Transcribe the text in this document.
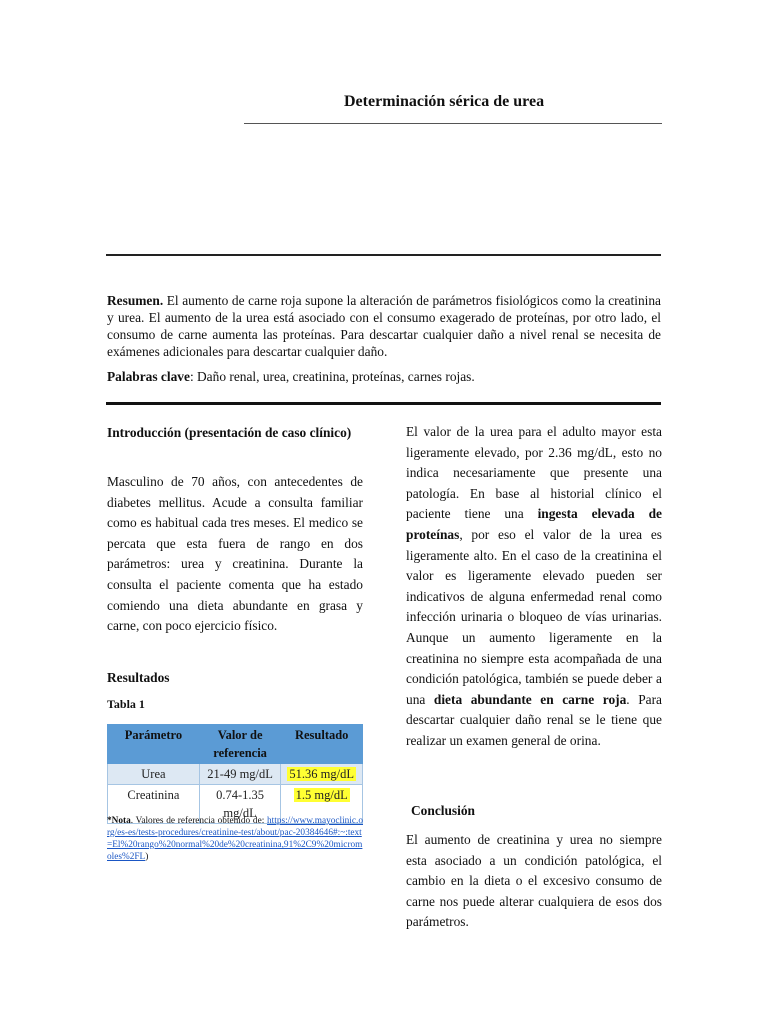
Determinación sérica de urea
Resumen. El aumento de carne roja supone la alteración de parámetros fisiológicos como la creatinina y urea. El aumento de la urea está asociado con el consumo exagerado de proteínas, por otro lado, el consumo de carne aumenta las proteínas. Para descartar cualquier daño a nivel renal se necesita de exámenes adicionales para descartar cualquier daño.
Palabras clave: Daño renal, urea, creatinina, proteínas, carnes rojas.
Introducción (presentación de caso clínico)
Masculino de 70 años, con antecedentes de diabetes mellitus. Acude a consulta familiar como es habitual cada tres meses. El medico se percata que esta fuera de rango en dos parámetros: urea y creatinina. Durante la consulta el paciente comenta que ha estado comiendo una dieta abundante en grasa y carne, con poco ejercicio físico.
Resultados
Tabla 1
Parámetro	Valor de referencia	Resultado
Urea	21-49 mg/dL	51.36 mg/dL
Creatinina	0.74-1.35 mg/dL	1.5 mg/dL
*Nota. Valores de referencia obtenido de: https://www.mayoclinic.org/es-es/tests-procedures/creatinine-test/about/pac-20384646#:~:text=El%20rango%20normal%20de%20creatinina,91%2C9%20micromoles%2FL)
El valor de la urea para el adulto mayor esta ligeramente elevado, por 2.36 mg/dL, esto no indica necesariamente que presente una patología. En base al historial clínico el paciente tiene una ingesta elevada de proteínas, por eso el valor de la urea es ligeramente alto. En el caso de la creatinina el valor es ligeramente elevado pueden ser indicativos de alguna enfermedad renal como infección urinaria o bloqueo de vías urinarias. Aunque un aumento ligeramente en la creatinina no siempre esta acompañada de una condición patológica, también se puede deber a una dieta abundante en carne roja. Para descartar cualquier daño renal se le tiene que realizar un examen general de orina.
Conclusión
El aumento de creatinina y urea no siempre esta asociado a un condición patológica, el cambio en la dieta o el excesivo consumo de carne nos puede alterar cualquiera de esos dos parámetros.
